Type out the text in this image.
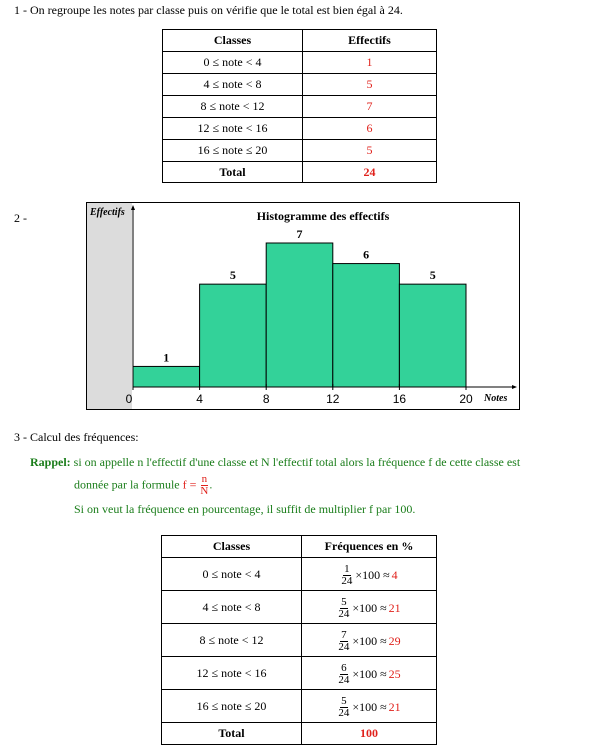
1 - On regroupe les notes par classe puis on vérifie que le total est bien égal à 24.
Classes	Effectifs
0 ≤ note < 4	1
4 ≤ note < 8	5
8 ≤ note < 12	7
12 ≤ note < 16	6
16 ≤ note ≤ 20	5
Total	24
2 -	Effectifs	Histogramme des effectifs
1
5
7
6
5
0	4	8	12	16	20 Notes
3 - Calcul des fréquences:
Rappel: si on appelle n l'effectif d'une classe et N l'effectif total alors la fréquence f de cette classe est
donnée par la formule $f = \frac{n}{N}$ .
Si on veut la fréquence en pourcentage, il suffit de multiplier f par 100.
Classes	Fréquences en %
0 ≤ note < 4	$\frac{1}{24} \times 100 \approx 4$

4 ≤ note < 8	$\frac{5}{24} \times 100 \approx 21$

8 ≤ note < 12	$\frac{7}{24} \times 100 \approx 29$

12 ≤ note < 16	$\frac{6}{24} \times 100 \approx 25$

16 ≤ note ≤ 20	$\frac{5}{24} \times 100 \approx 21$

Total	100
